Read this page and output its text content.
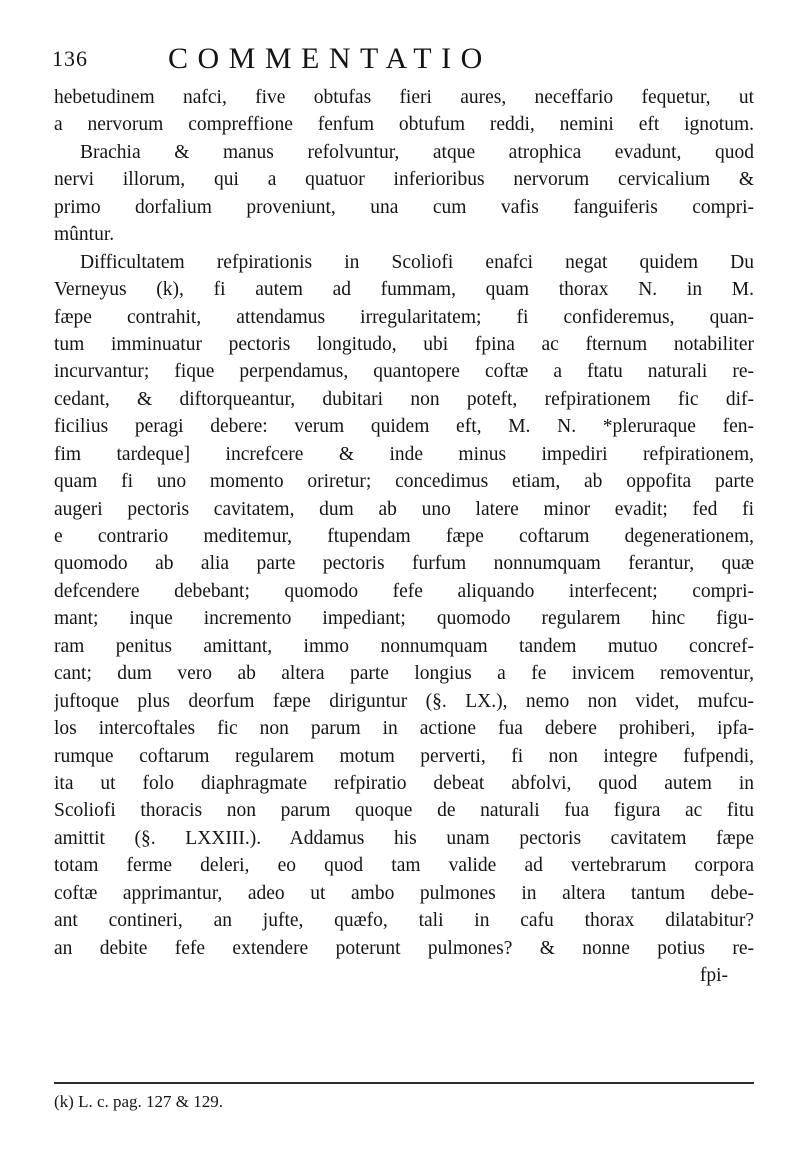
136	COMMENTATIO
hebetudinem nafci, five obtufas fieri aures, neceffario fequetur, ut
a nervorum compreffione fenfum obtufum reddi, nemini eft ignotum.
Brachia & manus refolvuntur, atque atrophica evadunt, quod
nervi illorum, qui a quatuor inferioribus nervorum cervicalium &
primo dorfalium proveniunt, una cum vafis fanguiferis compri-
mûntur.
Difficultatem refpirationis in Scoliofi enafci negat quidem Du
Verneyus (k), fi autem ad fummam, quam thorax N. in M.
fæpe contrahit, attendamus irregularitatem; fi confideremus, quan-
tum imminuatur pectoris longitudo, ubi fpina ac fternum notabiliter
incurvantur; fique perpendamus, quantopere coftæ a ftatu naturali re-
cedant, & diftorqueantur, dubitari non poteft, refpirationem fic dif-
ficilius peragi debere: verum quidem eft, M. N. *pleruraque fen-
fim tardeque] increfcere & inde minus impediri refpirationem,
quam fi uno momento oriretur; concedimus etiam, ab oppofita parte
augeri pectoris cavitatem, dum ab uno latere minor evadit; fed fi
e contrario meditemur, ftupendam fæpe coftarum degenerationem,
quomodo ab alia parte pectoris furfum nonnumquam ferantur, quæ
defcendere debebant; quomodo fefe aliquando interfecent; compri-
mant; inque incremento impediant; quomodo regularem hinc figu-
ram penitus amittant, immo nonnumquam tandem mutuo concref-
cant; dum vero ab altera parte longius a fe invicem removentur,
juftoque plus deorfum fæpe diriguntur (§. LX.), nemo non videt, mufcu-
los intercoftales fic non parum in actione fua debere prohiberi, ipfa-
rumque coftarum regularem motum perverti, fi non integre fufpendi,
ita ut folo diaphragmate refpiratio debeat abfolvi, quod autem in
Scoliofi thoracis non parum quoque de naturali fua figura ac fitu
amittit (§. LXXIII.). Addamus his unam pectoris cavitatem fæpe
totam ferme deleri, eo quod tam valide ad vertebrarum corpora
coftæ apprimantur, adeo ut ambo pulmones in altera tantum debe-
ant contineri, an jufte, quæfo, tali in cafu thorax dilatabitur?
an debite fefe extendere poterunt pulmones? & nonne potius re-
fpi-
(k) L. c. pag. 127 & 129.
